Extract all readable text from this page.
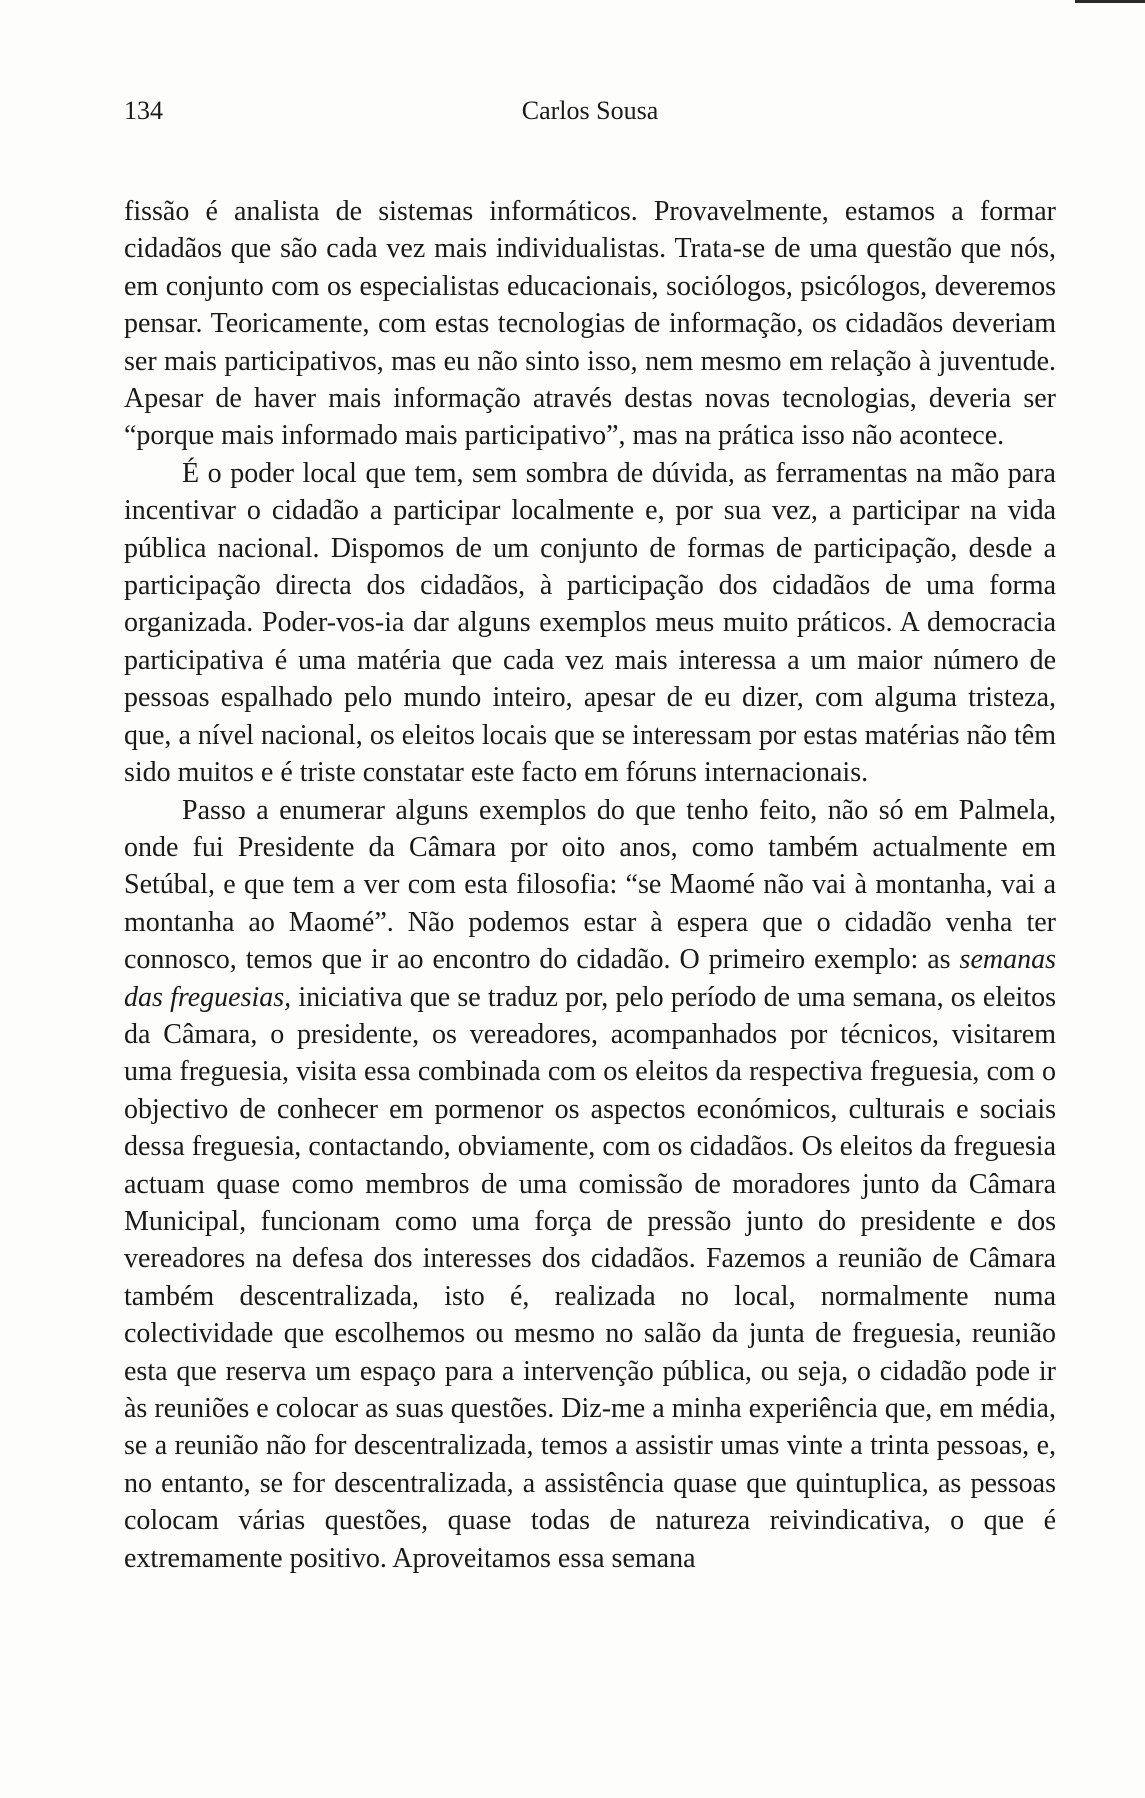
134	Carlos Sousa

fissão é analista de sistemas informáticos. Provavelmente, estamos a formar cidadãos que são cada vez mais individualistas. Trata-se de uma questão que nós, em conjunto com os especialistas educacionais, sociólogos, psicólogos, deveremos pensar. Teoricamente, com estas tecnologias de informação, os cidadãos deveriam ser mais participativos, mas eu não sinto isso, nem mesmo em relação à juventude. Apesar de haver mais informação através destas novas tecnologias, deveria ser “porque mais informado mais participativo”, mas na prática isso não acontece.

É o poder local que tem, sem sombra de dúvida, as ferramentas na mão para incentivar o cidadão a participar localmente e, por sua vez, a participar na vida pública nacional. Dispomos de um conjunto de formas de participação, desde a participação directa dos cidadãos, à participação dos cidadãos de uma forma organizada. Poder-vos-ia dar alguns exemplos meus muito práticos. A democracia participativa é uma matéria que cada vez mais interessa a um maior número de pessoas espalhado pelo mundo inteiro, apesar de eu dizer, com alguma tristeza, que, a nível nacional, os eleitos locais que se interessam por estas matérias não têm sido muitos e é triste constatar este facto em fóruns internacionais.

Passo a enumerar alguns exemplos do que tenho feito, não só em Palmela, onde fui Presidente da Câmara por oito anos, como também actualmente em Setúbal, e que tem a ver com esta filosofia: “se Maomé não vai à montanha, vai a montanha ao Maomé”. Não podemos estar à espera que o cidadão venha ter connosco, temos que ir ao encontro do cidadão. O primeiro exemplo: as semanas das freguesias, iniciativa que se traduz por, pelo período de uma semana, os eleitos da Câmara, o presidente, os vereadores, acompanhados por técnicos, visitarem uma freguesia, visita essa combinada com os eleitos da respectiva freguesia, com o objectivo de conhecer em pormenor os aspectos económicos, culturais e sociais dessa freguesia, contactando, obviamente, com os cidadãos. Os eleitos da freguesia actuam quase como membros de uma comissão de moradores junto da Câmara Municipal, funcionam como uma força de pressão junto do presidente e dos vereadores na defesa dos interesses dos cidadãos. Fazemos a reunião de Câmara também descentralizada, isto é, realizada no local, normalmente numa colectividade que escolhemos ou mesmo no salão da junta de freguesia, reunião esta que reserva um espaço para a intervenção pública, ou seja, o cidadão pode ir às reuniões e colocar as suas questões. Diz-me a minha experiência que, em média, se a reunião não for descentralizada, temos a assistir umas vinte a trinta pessoas, e, no entanto, se for descentralizada, a assistência quase que quintuplica, as pessoas colocam várias questões, quase todas de natureza reivindicativa, o que é extremamente positivo. Aproveitamos essa semana
